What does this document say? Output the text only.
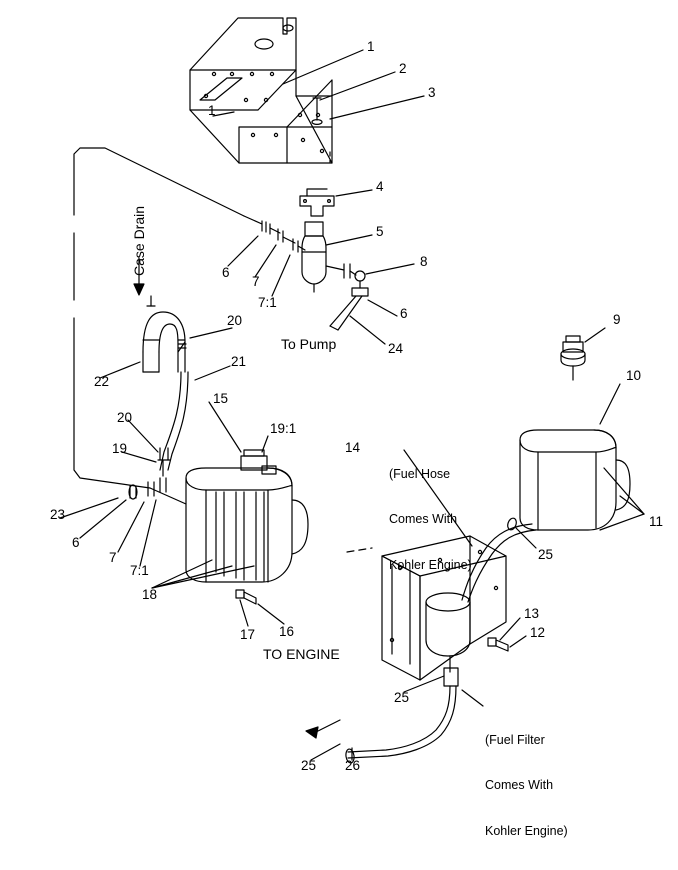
1
2
3
1
4
5
8
6
7
7:1
6	9
20
24
10
21
22
15
20
19:1
14
19
11
23
25
6
7
7:1
18
13
12
17 16
25
25 26
Case Drain
To Pump
TO ENGINE

(Fuel Hose

Comes With

Kohler Engine)

(Fuel Filter

Comes With

Kohler Engine)
